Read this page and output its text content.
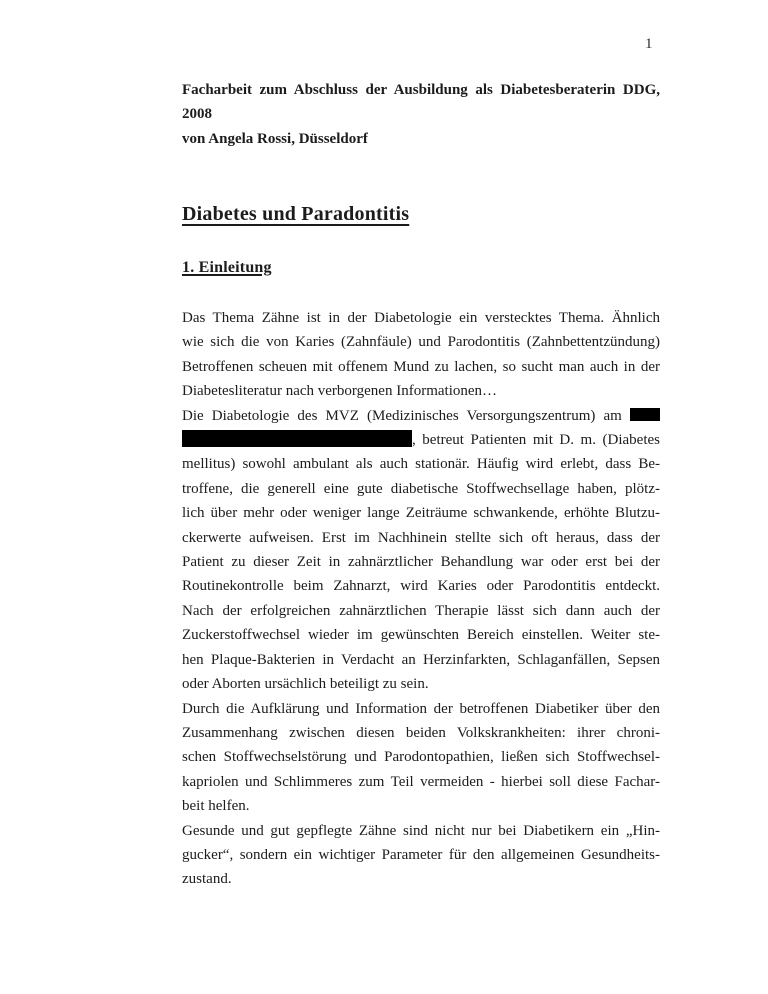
1
Facharbeit zum Abschluss der Ausbildung als Diabetesberaterin DDG,
2008
von Angela Rossi, Düsseldorf
Diabetes und Paradontitis
1. Einleitung
Das Thema Zähne ist in der Diabetologie ein verstecktes Thema. Ähnlich
wie sich die von Karies (Zahnfäule) und Parodontitis (Zahnbettentzündung)
Betroffenen scheuen mit offenem Mund zu lachen, so sucht man auch in der
Diabetesliteratur nach verborgenen Informationen…
Die Diabetologie des MVZ (Medizinisches Versorgungszentrum) am
, betreut Patienten mit D. m. (Diabetes
mellitus) sowohl ambulant als auch stationär. Häufig wird erlebt, dass Be-
troffene, die generell eine gute diabetische Stoffwechsellage haben, plötz-
lich über mehr oder weniger lange Zeiträume schwankende, erhöhte Blutzu-
ckerwerte aufweisen. Erst im Nachhinein stellte sich oft heraus, dass der
Patient zu dieser Zeit in zahnärztlicher Behandlung war oder erst bei der
Routinekontrolle beim Zahnarzt, wird Karies oder Parodontitis entdeckt.
Nach der erfolgreichen zahnärztlichen Therapie lässt sich dann auch der
Zuckerstoffwechsel wieder im gewünschten Bereich einstellen. Weiter ste-
hen Plaque-Bakterien in Verdacht an Herzinfarkten, Schlaganfällen, Sepsen
oder Aborten ursächlich beteiligt zu sein.
Durch die Aufklärung und Information der betroffenen Diabetiker über den
Zusammenhang zwischen diesen beiden Volkskrankheiten: ihrer chroni-
schen Stoffwechselstörung und Parodontopathien, ließen sich Stoffwechsel-
kapriolen und Schlimmeres zum Teil vermeiden - hierbei soll diese Fachar-
beit helfen.
Gesunde und gut gepflegte Zähne sind nicht nur bei Diabetikern ein „Hin-
gucker“, sondern ein wichtiger Parameter für den allgemeinen Gesundheits-
zustand.
